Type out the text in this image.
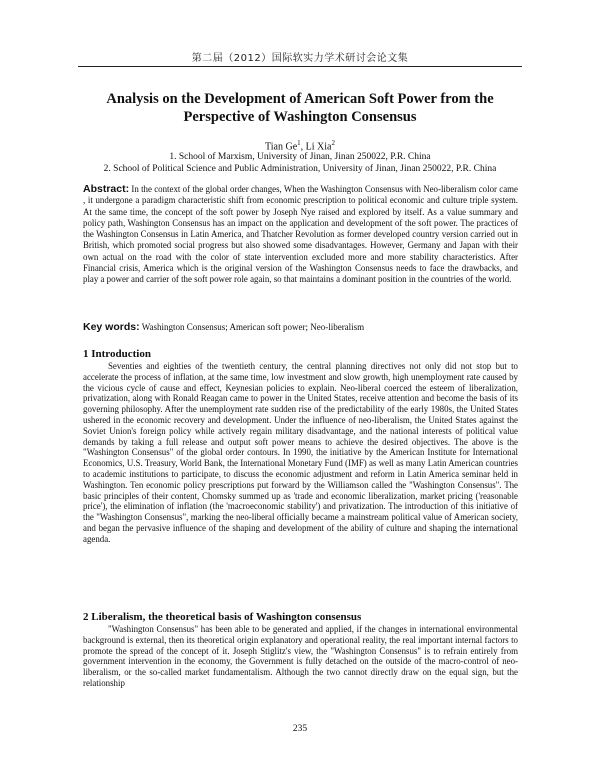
第二届（2012）国际软实力学术研讨会论文集
Analysis on the Development of American Soft Power from the Perspective of Washington Consensus
Tian Ge$^1$, Li Xia$^2$
1. School of Marxism, University of Jinan, Jinan 250022, P.R. China
2. School of Political Science and Public Administration, University of Jinan, Jinan 250022, P.R. China

Abstract: In the context of the global order changes, When the Washington Consensus with Neo-liberalism color came , it undergone a paradigm characteristic shift from economic prescription to political economic and culture triple system. At the same time, the concept of the soft power by Joseph Nye raised and explored by itself. As a value summary and policy path, Washington Consensus has an impact on the application and development of the soft power. The practices of the Washington Consensus in Latin America, and Thatcher Revolution as former developed country version carried out in British, which promoted social progress but also showed some disadvantages. However, Germany and Japan with their own actual on the road with the color of state intervention excluded more and more stability characteristics. After Financial crisis, America which is the original version of the Washington Consensus needs to face the drawbacks, and play a power and carrier of the soft power role again, so that maintains a dominant position in the countries of the world.

Key words: Washington Consensus; American soft power; Neo-liberalism

1 Introduction

Seventies and eighties of the twentieth century, the central planning directives not only did not stop but to accelerate the process of inflation, at the same time, low investment and slow growth, high unemployment rate caused by the vicious cycle of cause and effect, Keynesian policies to explain. Neo-liberal coerced the esteem of liberalization, privatization, along with Ronald Reagan came to power in the United States, receive attention and become the basis of its governing philosophy. After the unemployment rate sudden rise of the predictability of the early 1980s, the United States ushered in the economic recovery and development. Under the influence of neo-liberalism, the United States against the Soviet Union's foreign policy while actively regain military disadvantage, and the national interests of political value demands by taking a full release and output soft power means to achieve the desired objectives. The above is the "Washington Consensus" of the global order contours. In 1990, the initiative by the American Institute for International Economics, U.S. Treasury, World Bank, the International Monetary Fund (IMF) as well as many Latin American countries to academic institutions to participate, to discuss the economic adjustment and reform in Latin America seminar held in Washington. Ten economic policy prescriptions put forward by the Williamson called the "Washington Consensus". The basic principles of their content, Chomsky summed up as 'trade and economic liberalization, market pricing ('reasonable price'), the elimination of inflation (the 'macroeconomic stability') and privatization. The introduction of this initiative of the "Washington Consensus", marking the neo-liberal officially became a mainstream political value of American society, and began the pervasive influence of the shaping and development of the ability of culture and shaping the international agenda.

2 Liberalism, the theoretical basis of Washington consensus

"Washington Consensus" has been able to be generated and applied, if the changes in international environmental background is external, then its theoretical origin explanatory and operational reality, the real important internal factors to promote the spread of the concept of it. Joseph Stiglitz's view, the "Washington Consensus" is to refrain entirely from government intervention in the economy, the Government is fully detached on the outside of the macro-control of neo-liberalism, or the so-called market fundamentalism. Although the two cannot directly draw on the equal sign, but the relationship

235
